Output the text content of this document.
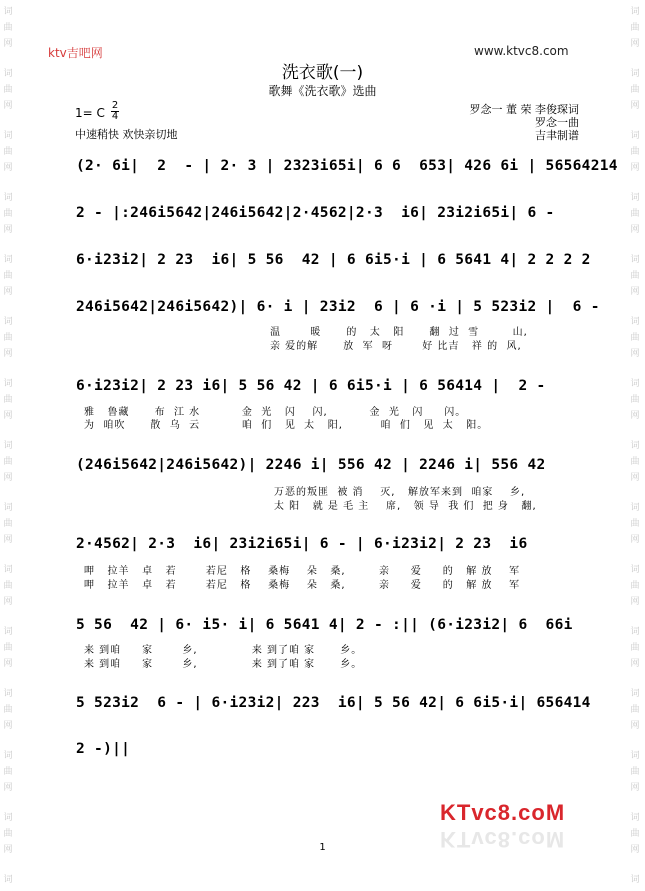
词
曲
网
词
曲
网
词
曲
网
词
曲
网
词
曲
网
词
曲
网
词
曲
网
词
曲
网
词
曲
网
词
曲
网
词
曲
网
词
曲
网
词
曲
网
词
曲
网
词
词
曲
网
词
曲
网
词
曲
网
词
曲
网
词
曲
网
词
曲
网
词
曲
网
词
曲
网
词
曲
网
词
曲
网
词
曲
网
词
曲
网
词
曲
网
词
曲
网
词
ktv吉吧网	www.ktvc8.com
洗衣歌(一)
歌舞《洗衣歌》选曲
1= C
2
4
中速稍快 欢快亲切地
罗念一 董 荣 李俊琛词
罗念一曲
吉聿制谱
(2· 6i|  2  - | 2· 3 | 2323i65i| 6 6  653| 426 6i | 56564214
2 - |:246i5642|246i5642|2·4562|2·3  i6| 23i2i65i| 6 -
6·i23i2| 2 23  i6| 5 56  42 | 6 6i5·i | 6 5641 4| 2 2 2 2
246i5642|246i5642)| 6· i | 23i2  6 | 6 ·i | 5 523i2 |  6 -
温       暖      的   太   阳      翻  过  雪        山,
亲 爱的解      放  军  呀       好 比吉   祥 的  风,
6·i23i2| 2 23 i6| 5 56 42 | 6 6i5·i | 6 56414 |  2 -
雅   鲁藏      布  江 水          金  光   闪    闪,          金  光   闪     闪。
为  咱吹      散  乌  云          咱  们   见  太   阳,         咱  们   见  太   阳。
(246i5642|246i5642)| 2246 i| 556 42 | 2246 i| 556 42
万恶的叛匪  被 消    灭,   解放军来到  咱家    乡,
太 阳   就 是 毛 主    席,   领 导  我 们  把 身   翻,
2·4562| 2·3  i6| 23i2i65i| 6 - | 6·i23i2| 2 23  i6
呷   拉羊   卓   若       若尼   格    桑梅    朵   桑,        亲     爱     的   解 放    军
呷   拉羊   卓   若       若尼   格    桑梅    朵   桑,        亲     爱     的   解 放    军
5 56  42 | 6· i5· i| 6 5641 4| 2 - :|| (6·i23i2| 6  66i
来 到咱     家       乡,             来 到了咱 家      乡。
来 到咱     家       乡,             来 到了咱 家      乡。
5 523i2  6 - | 6·i23i2| 223  i6| 5 56 42| 6 6i5·i| 656414
2 -)||
KTvc8.coM
KTvc8.coM
1
